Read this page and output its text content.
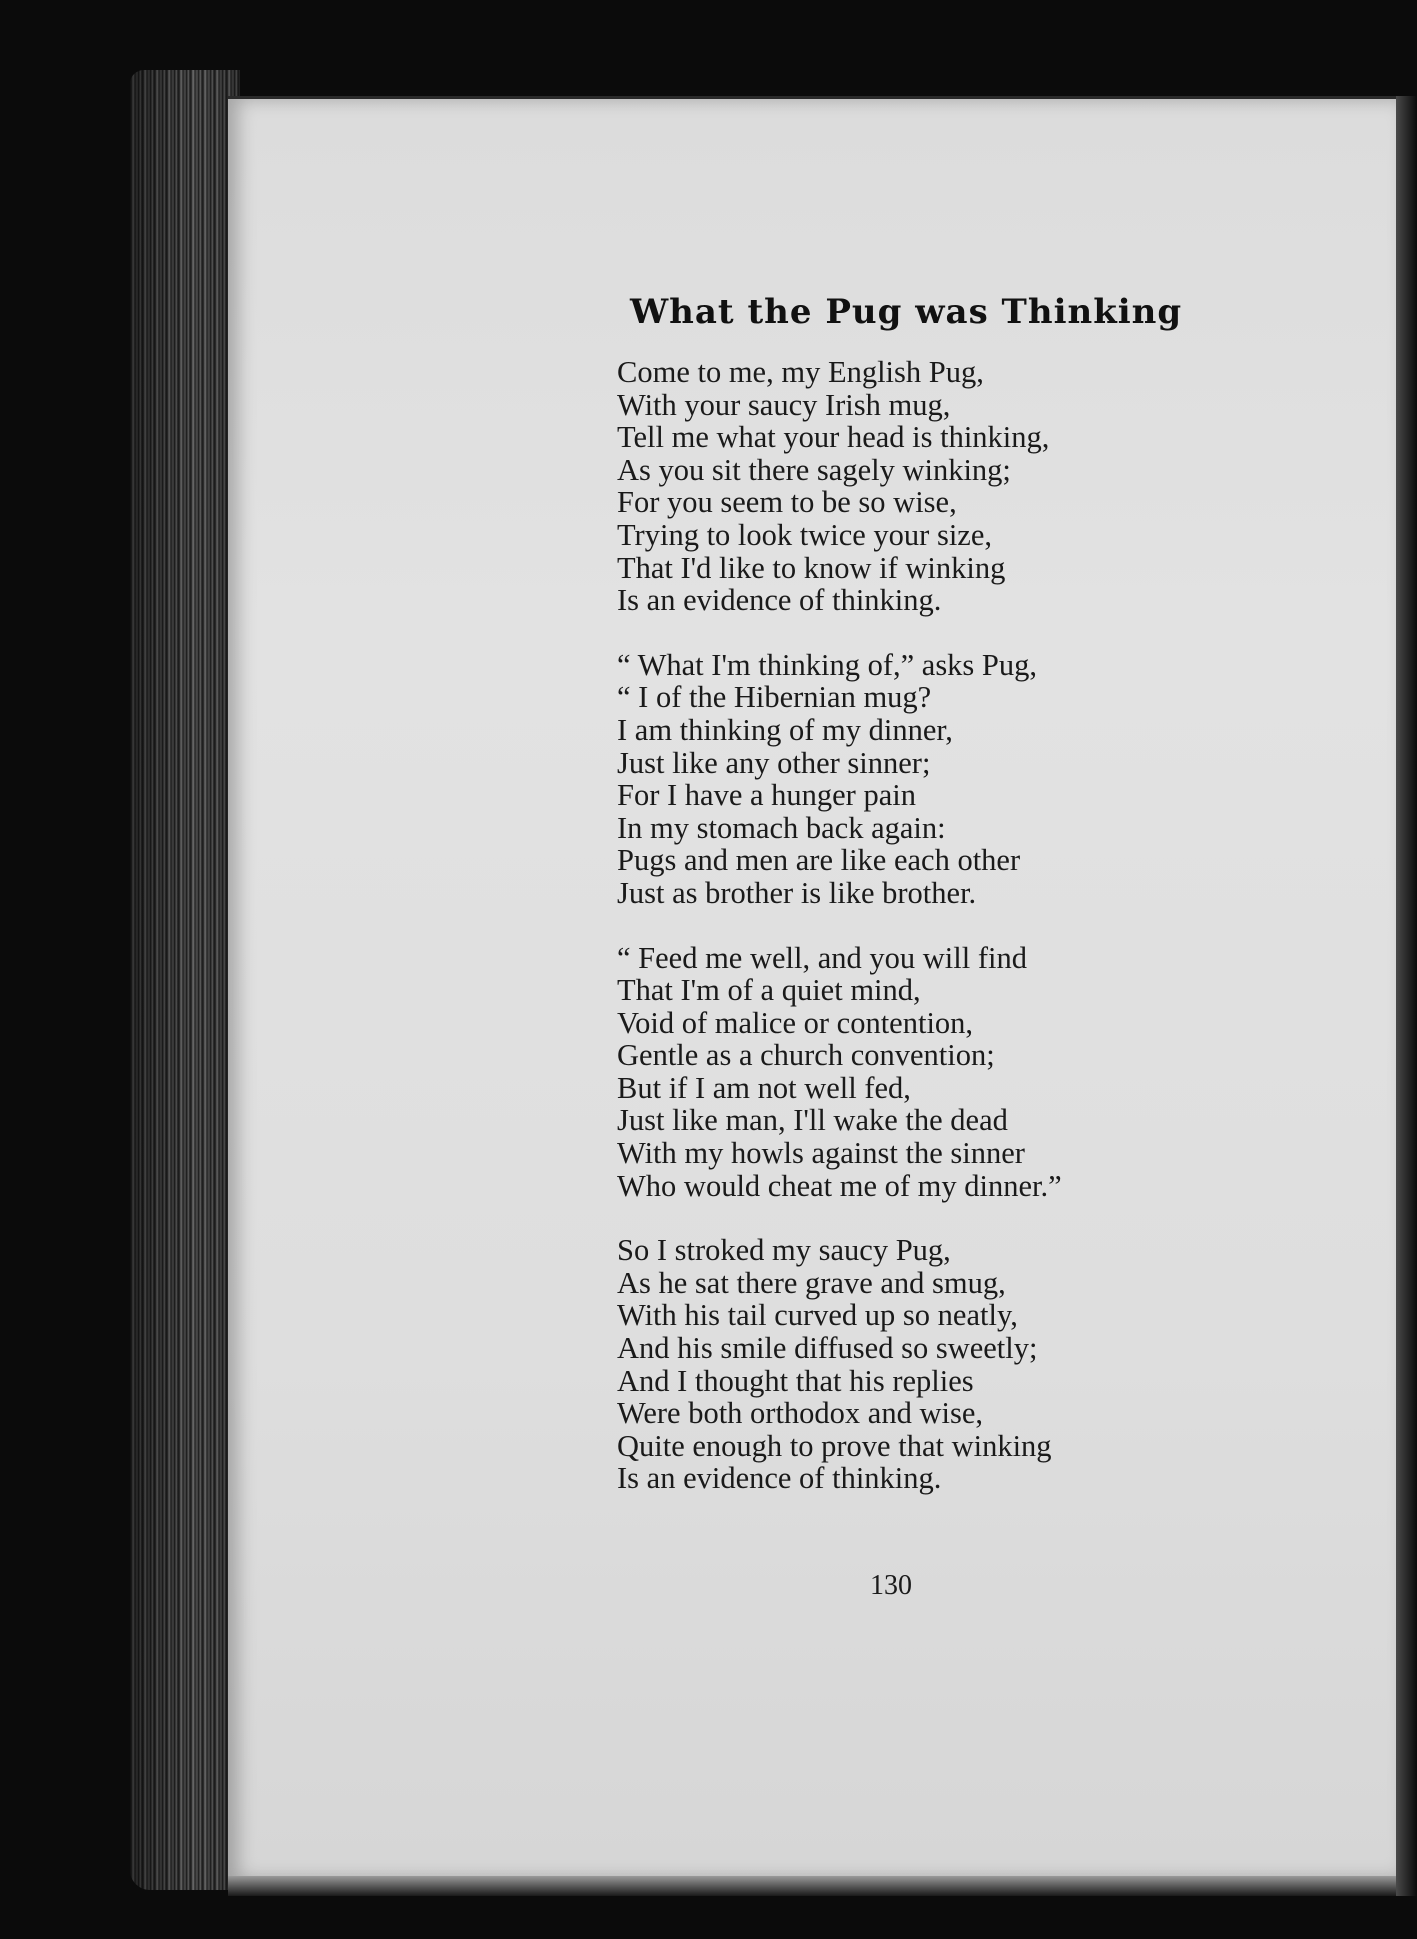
What the Pug was Thinking
Come to me, my English Pug,
With your saucy Irish mug,
Tell me what your head is thinking,
As you sit there sagely winking;
For you seem to be so wise,
Trying to look twice your size,
That I'd like to know if winking
Is an evidence of thinking.
“ What I'm thinking of,” asks Pug,
“ I of the Hibernian mug?
I am thinking of my dinner,
Just like any other sinner;
For I have a hunger pain
In my stomach back again:
Pugs and men are like each other
Just as brother is like brother.
“ Feed me well, and you will find
That I'm of a quiet mind,
Void of malice or contention,
Gentle as a church convention;
But if I am not well fed,
Just like man, I'll wake the dead
With my howls against the sinner
Who would cheat me of my dinner.”
So I stroked my saucy Pug,
As he sat there grave and smug,
With his tail curved up so neatly,
And his smile diffused so sweetly;
And I thought that his replies
Were both orthodox and wise,
Quite enough to prove that winking
Is an evidence of thinking.
130
